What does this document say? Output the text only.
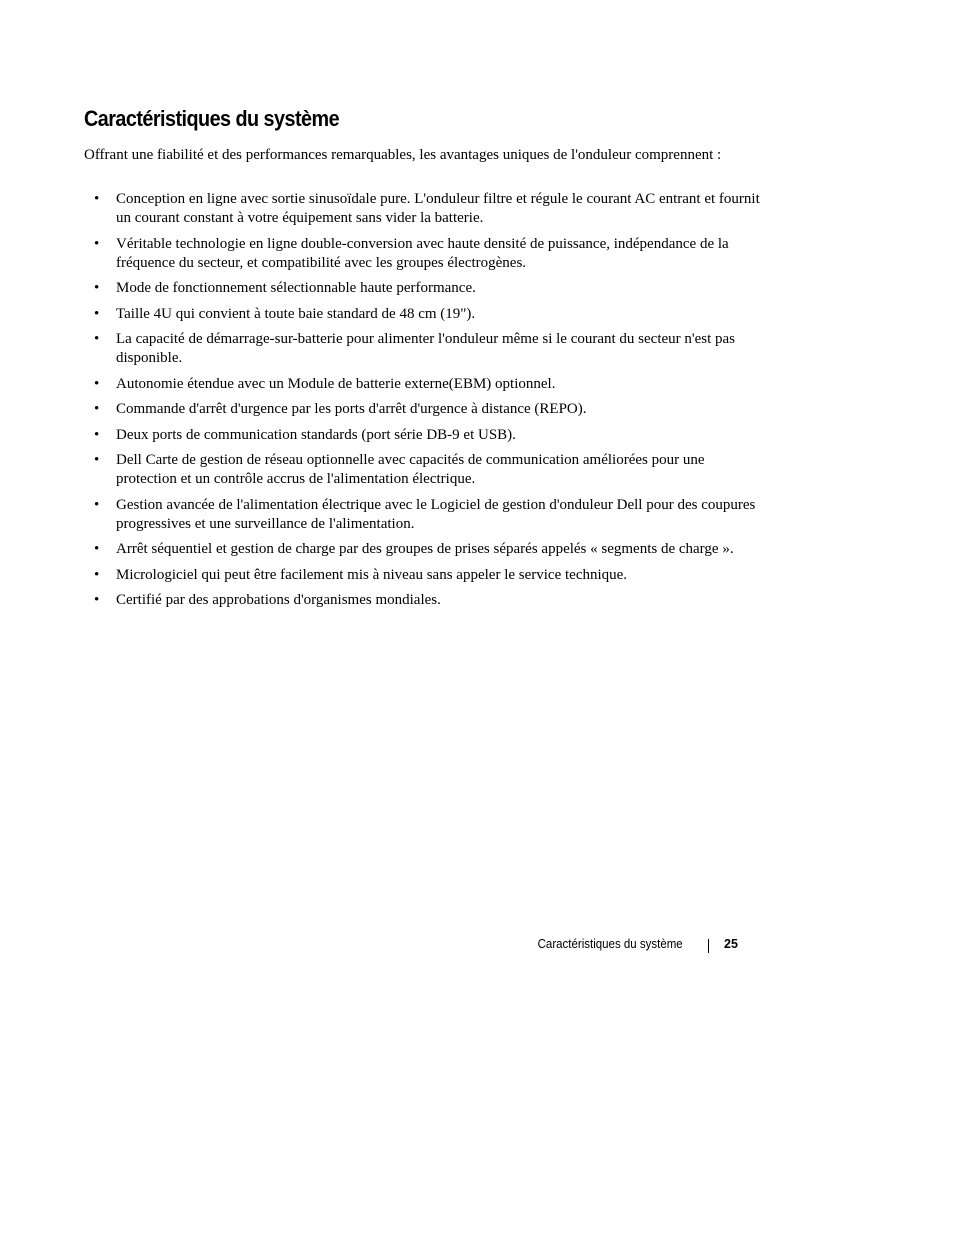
Caractéristiques du système

Offrant une fiabilité et des performances remarquables, les avantages uniques de l'onduleur comprennent :

• Conception en ligne avec sortie sinusoïdale pure. L'onduleur filtre et régule le courant AC entrant et fournit un courant constant à votre équipement sans vider la batterie.
• Véritable technologie en ligne double-conversion avec haute densité de puissance, indépendance de la fréquence du secteur, et compatibilité avec les groupes électrogènes.
• Mode de fonctionnement sélectionnable haute performance.
• Taille 4U qui convient à toute baie standard de 48 cm (19").
• La capacité de démarrage-sur-batterie pour alimenter l'onduleur même si le courant du secteur n'est pas disponible.
• Autonomie étendue avec un Module de batterie externe(EBM) optionnel.
• Commande d'arrêt d'urgence par les ports d'arrêt d'urgence à distance (REPO).
• Deux ports de communication standards (port série DB-9 et USB).
• Dell Carte de gestion de réseau optionnelle avec capacités de communication améliorées pour une protection et un contrôle accrus de l'alimentation électrique.
• Gestion avancée de l'alimentation électrique avec le Logiciel de gestion d'onduleur Dell pour des coupures progressives et une surveillance de l'alimentation.
• Arrêt séquentiel et gestion de charge par des groupes de prises séparés appelés « segments de charge ».
• Micrologiciel qui peut être facilement mis à niveau sans appeler le service technique.
• Certifié par des approbations d'organismes mondiales.
Caractéristiques du système	25
